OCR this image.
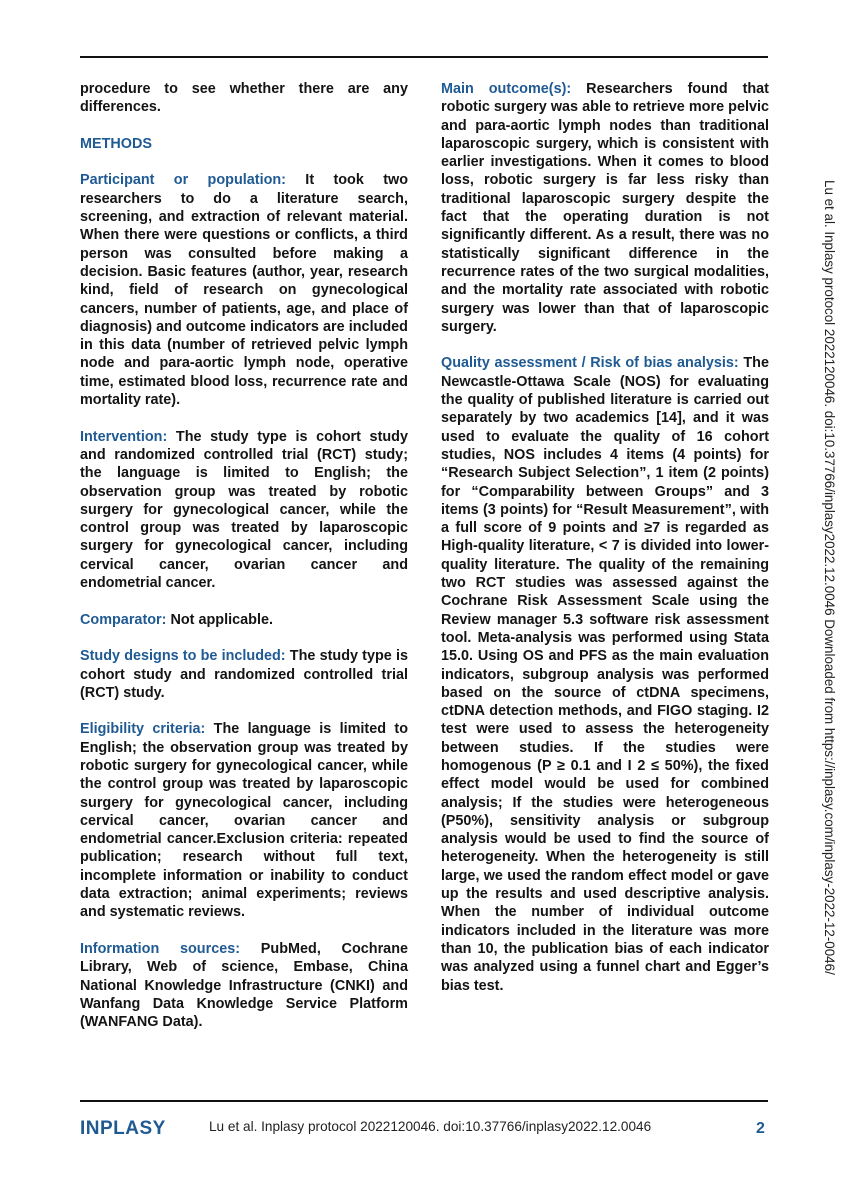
procedure to see whether there are any differences.

METHODS

Participant or population: It took two researchers to do a literature search, screening, and extraction of relevant material. When there were questions or conflicts, a third person was consulted before making a decision. Basic features (author, year, research kind, field of research on gynecological cancers, number of patients, age, and place of diagnosis) and outcome indicators are included in this data (number of retrieved pelvic lymph node and para-aortic lymph node, operative time, estimated blood loss, recurrence rate and mortality rate).

Intervention: The study type is cohort study and randomized controlled trial (RCT) study; the language is limited to English; the observation group was treated by robotic surgery for gynecological cancer, while the control group was treated by laparoscopic surgery for gynecological cancer, including cervical cancer, ovarian cancer and endometrial cancer.

Comparator: Not applicable.

Study designs to be included: The study type is cohort study and randomized controlled trial (RCT) study.

Eligibility criteria: The language is limited to English; the observation group was treated by robotic surgery for gynecological cancer, while the control group was treated by laparoscopic surgery for gynecological cancer, including cervical cancer, ovarian cancer and endometrial cancer.Exclusion criteria: repeated publication; research without full text, incomplete information or inability to conduct data extraction; animal experiments; reviews and systematic reviews.

Information sources: PubMed, Cochrane Library, Web of science, Embase, China National Knowledge Infrastructure (CNKI) and Wanfang Data Knowledge Service Platform (WANFANG Data).

Main outcome(s): Researchers found that robotic surgery was able to retrieve more pelvic and para-aortic lymph nodes than traditional laparoscopic surgery, which is consistent with earlier investigations. When it comes to blood loss, robotic surgery is far less risky than traditional laparoscopic surgery despite the fact that the operating duration is not significantly different. As a result, there was no statistically significant difference in the recurrence rates of the two surgical modalities, and the mortality rate associated with robotic surgery was lower than that of laparoscopic surgery.

Quality assessment / Risk of bias analysis: The Newcastle-Ottawa Scale (NOS) for evaluating the quality of published literature is carried out separately by two academics [14], and it was used to evaluate the quality of 16 cohort studies, NOS includes 4 items (4 points) for “Research Subject Selection”, 1 item (2 points) for “Comparability between Groups” and 3 items (3 points) for “Result Measurement”, with a full score of 9 points and ≥7 is regarded as High-quality literature, < 7 is divided into lower-quality literature. The quality of the remaining two RCT studies was assessed against the Cochrane Risk Assessment Scale using the Review manager 5.3 software risk assessment tool. Meta-analysis was performed using Stata 15.0. Using OS and PFS as the main evaluation indicators, subgroup analysis was performed based on the source of ctDNA specimens, ctDNA detection methods, and FIGO staging. I2 test were used to assess the heterogeneity between studies. If the studies were homogenous (P ≥ 0.1 and I 2 ≤ 50%), the fixed effect model would be used for combined analysis; If the studies were heterogeneous (P50%), sensitivity analysis or subgroup analysis would be used to find the source of heterogeneity. When the heterogeneity is still large, we used the random effect model or gave up the results and used descriptive analysis. When the number of individual outcome indicators included in the literature was more than 10, the publication bias of each indicator was analyzed using a funnel chart and Egger’s bias test.

Lu et al. Inplasy protocol 2022120046. doi:10.37766/inplasy2022.12.0046 Downloaded from https://inplasy.com/inplasy-2022-12-0046/
INPLASY	Lu et al. Inplasy protocol 2022120046. doi:10.37766/inplasy2022.12.0046	2
